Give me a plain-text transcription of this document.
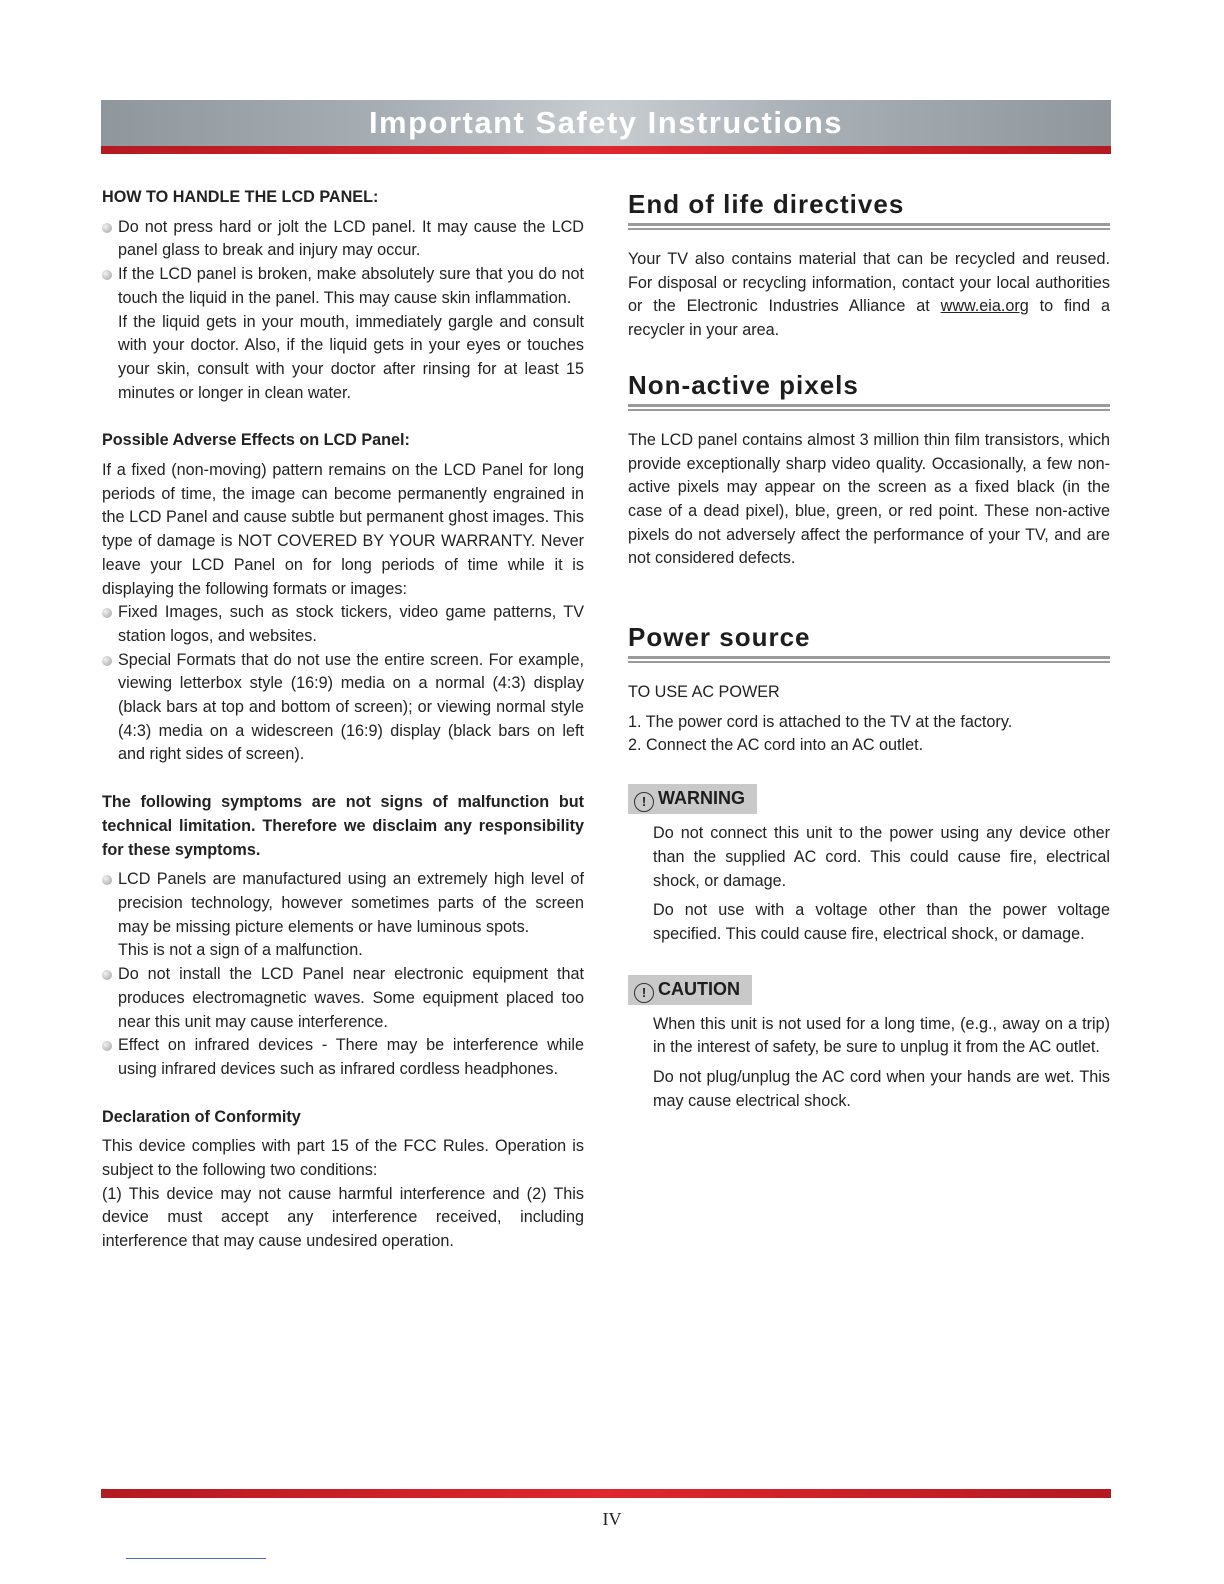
Important Safety Instructions

HOW TO HANDLE THE LCD PANEL:

Do not press hard or jolt the LCD panel. It may cause the LCD panel glass to break and injury may occur.
If the LCD panel is broken, make absolutely sure that you do not touch the liquid in the panel. This may cause skin inflammation.

If the liquid gets in your mouth, immediately gargle and consult with your doctor. Also, if the liquid gets in your eyes or touches your skin, consult with your doctor after rinsing for at least 15 minutes or longer in clean water.

Possible Adverse Effects on LCD Panel:

If a fixed (non-moving) pattern remains on the LCD Panel for long periods of time, the image can become permanently engrained in the LCD Panel and cause subtle but permanent ghost images. This type of damage is NOT COVERED BY YOUR WARRANTY. Never leave your LCD Panel on for long periods of time while it is displaying the following formats or images:

Fixed Images, such as stock tickers, video game patterns, TV station logos, and websites.
Special Formats that do not use the entire screen. For example, viewing letterbox style (16:9) media on a normal (4:3) display (black bars at top and bottom of screen); or viewing normal style (4:3) media on a widescreen (16:9) display (black bars on left and right sides of screen).

The following symptoms are not signs of malfunction but technical limitation. Therefore we disclaim any responsibility for these symptoms.

LCD Panels are manufactured using an extremely high level of precision technology, however sometimes parts of the screen may be missing picture elements or have luminous spots.

This is not a sign of a malfunction.

Do not install the LCD Panel near electronic equipment that produces electromagnetic waves. Some equipment placed too near this unit may cause interference.
Effect on infrared devices - There may be interference while using infrared devices such as infrared cordless headphones.

Declaration of Conformity

This device complies with part 15 of the FCC Rules. Operation is subject to the following two conditions:

(1) This device may not cause harmful interference and (2) This device must accept any interference received, including interference that may cause undesired operation.

End of life directives

Your TV also contains material that can be recycled and reused. For disposal or recycling information, contact your local authorities or the Electronic Industries Alliance at www.eia.org to find a recycler in your area.

Non-active pixels

The LCD panel contains almost 3 million thin film transistors, which provide exceptionally sharp video quality. Occasionally, a few non-active pixels may appear on the screen as a fixed black (in the case of a dead pixel), blue, green, or red point. These non-active pixels do not adversely affect the performance of your TV, and are not considered defects.

Power source

TO USE AC POWER

1. The power cord is attached to the TV at the factory.

2. Connect the AC cord into an AC outlet.

! WARNING

Do not connect this unit to the power using any device other than the supplied AC cord. This could cause fire, electrical shock, or damage.

Do not use with a voltage other than the power voltage specified. This could cause fire, electrical shock, or damage.

! CAUTION

When this unit is not used for a long time, (e.g., away on a trip) in the interest of safety, be sure to unplug it from the AC outlet.

Do not plug/unplug the AC cord when your hands are wet. This may cause electrical shock.

IV
